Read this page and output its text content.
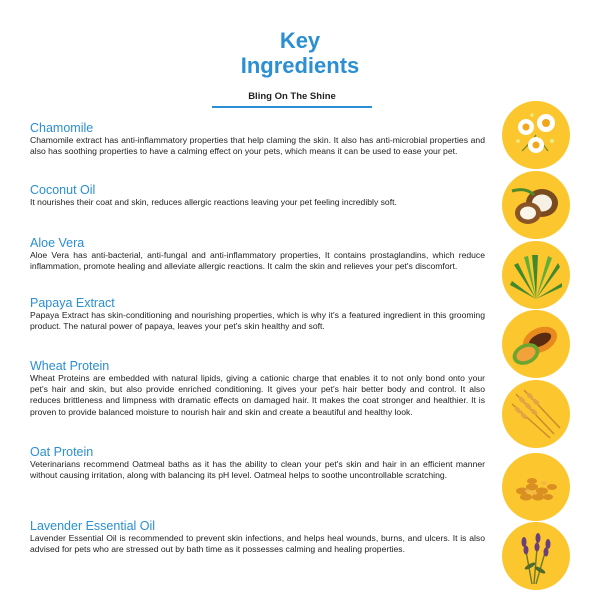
Key
Ingredients
Bling On The Shine
Chamomile

Chamomile extract has anti-inflammatory properties that help claming the skin. It also has anti-microbial properties and also has soothing properties to have a calming effect on your pets, which means it can be used to ease your pet.

Coconut Oil

It nourishes their coat and skin, reduces allergic reactions leaving your pet feeling incredibly soft.

Aloe Vera

Aloe Vera has anti-bacterial, anti-fungal and anti-inflammatory properties, It contains prostaglandins, which reduce inflammation, promote healing and alleviate allergic reactions. It calm the skin and relieves your pet's discomfort.

Papaya Extract

Papaya Extract has skin-conditioning and nourishing properties, which is why it's a featured ingredient in this grooming product. The natural power of papaya, leaves your pet's skin healthy and soft.

Wheat Protein

Wheat Proteins are embedded with natural lipids, giving a cationic charge that enables it to not only bond onto your pet's hair and skin, but also provide enriched conditioning. It gives your pet's hair better body and control. It also reduces brittleness and limpness with dramatic effects on damaged hair. It makes the coat stronger and healthier. It is proven to provide balanced moisture to nourish hair and skin and create a beautiful and healthy look.

Oat Protein

Veterinarians recommend Oatmeal baths as it has the ability to clean your pet's skin and hair in an efficient manner without causing irritation, along with balancing its pH level. Oatmeal helps to soothe uncontrollable scratching.

Lavender Essential Oil

Lavender Essential Oil is recommended to prevent skin infections, and helps heal wounds, burns, and ulcers. It is also advised for pets who are stressed out by bath time as it possesses calming and healing properties.
